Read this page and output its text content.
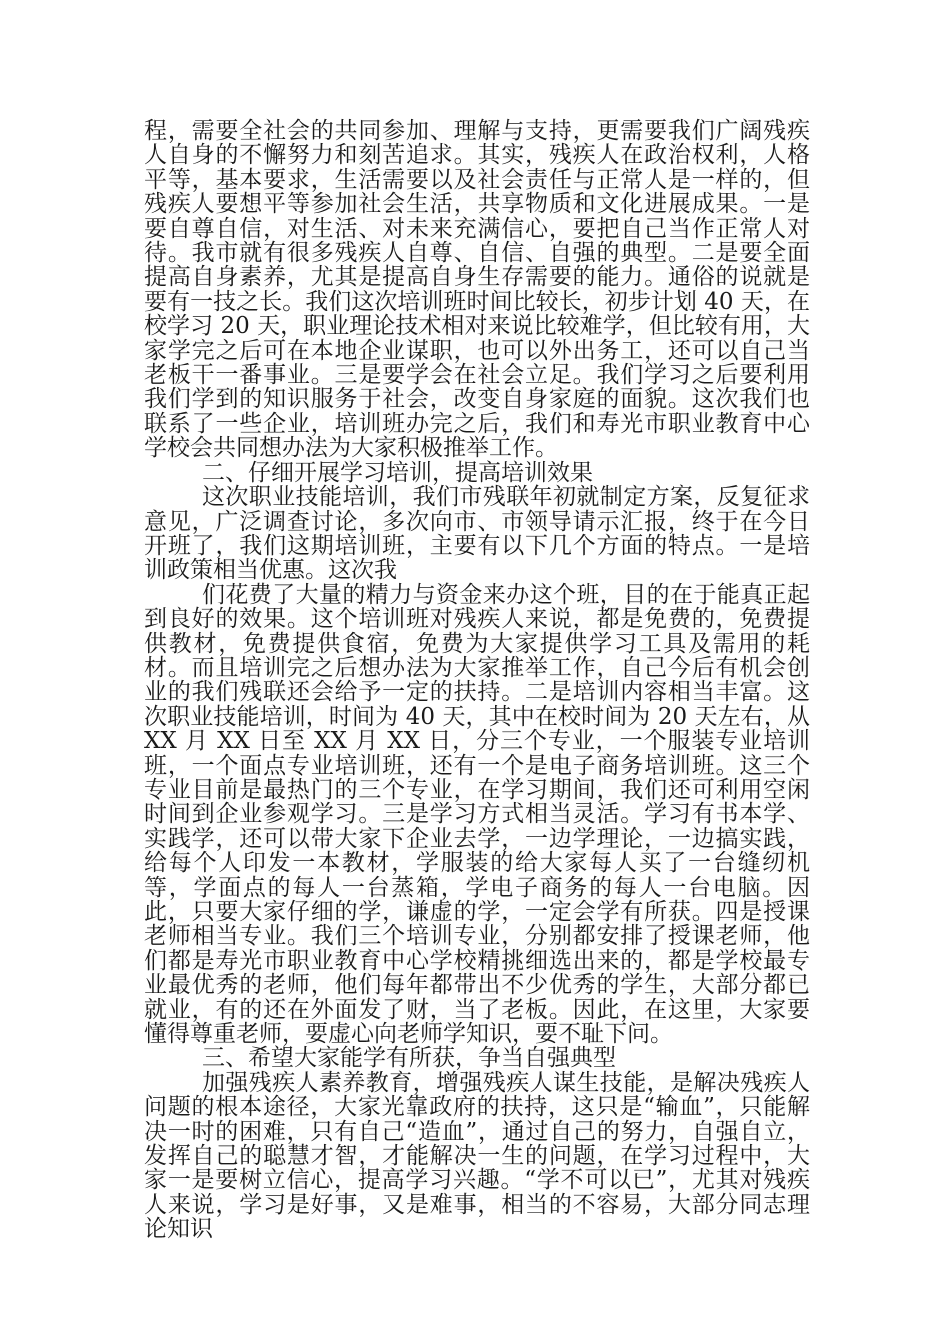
程，需要全社会的共同参加、理解与支持，更需要我们广阔残疾人自身的不懈努力和刻苦追求。其实，残疾人在政治权利，人格平等，基本要求，生活需要以及社会责任与正常人是一样的，但残疾人要想平等参加社会生活，共享物质和文化进展成果。一是要自尊自信，对生活、对未来充满信心，要把自己当作正常人对待。我市就有很多残疾人自尊、自信、自强的典型。二是要全面提高自身素养，尤其是提高自身生存需要的能力。通俗的说就是要有一技之长。我们这次培训班时间比较长，初步计划 40 天，在校学习 20 天，职业理论技术相对来说比较难学，但比较有用，大家学完之后可在本地企业谋职，也可以外出务工，还可以自己当老板干一番事业。三是要学会在社会立足。我们学习之后要利用我们学到的知识服务于社会，改变自身家庭的面貌。这次我们也联系了一些企业，培训班办完之后，我们和寿光市职业教育中心学校会共同想办法为大家积极推举工作。

二、仔细开展学习培训，提高培训效果

这次职业技能培训，我们市残联年初就制定方案，反复征求意见，广泛调查讨论，多次向市、市领导请示汇报，终于在今日开班了，我们这期培训班，主要有以下几个方面的特点。一是培训政策相当优惠。这次我

们花费了大量的精力与资金来办这个班，目的在于能真正起到良好的效果。这个培训班对残疾人来说，都是免费的，免费提供教材，免费提供食宿，免费为大家提供学习工具及需用的耗材。而且培训完之后想办法为大家推举工作，自己今后有机会创业的我们残联还会给予一定的扶持。二是培训内容相当丰富。这次职业技能培训，时间为 40 天，其中在校时间为 20 天左右，从 XX 月 XX 日至 XX 月 XX 日，分三个专业，一个服装专业培训班，一个面点专业培训班，还有一个是电子商务培训班。这三个专业目前是最热门的三个专业，在学习期间，我们还可利用空闲时间到企业参观学习。三是学习方式相当灵活。学习有书本学、实践学，还可以带大家下企业去学，一边学理论，一边搞实践，给每个人印发一本教材，学服装的给大家每人买了一台缝纫机等，学面点的每人一台蒸箱，学电子商务的每人一台电脑。因此，只要大家仔细的学，谦虚的学，一定会学有所获。四是授课老师相当专业。我们三个培训专业，分别都安排了授课老师，他们都是寿光市职业教育中心学校精挑细选出来的，都是学校最专业最优秀的老师，他们每年都带出不少优秀的学生，大部分都已就业，有的还在外面发了财，当了老板。因此，在这里，大家要懂得尊重老师，要虚心向老师学知识，要不耻下问。

三、希望大家能学有所获，争当自强典型

加强残疾人素养教育，增强残疾人谋生技能，是解决残疾人问题的根本途径，大家光靠政府的扶持，这只是“输血”，只能解决一时的困难，只有自己“造血”，通过自己的努力，自强自立，发挥自己的聪慧才智，才能解决一生的问题，在学习过程中，大家一是要树立信心，提高学习兴趣。“学不可以已”，尤其对残疾人来说，学习是好事，又是难事，相当的不容易，大部分同志理论知识
